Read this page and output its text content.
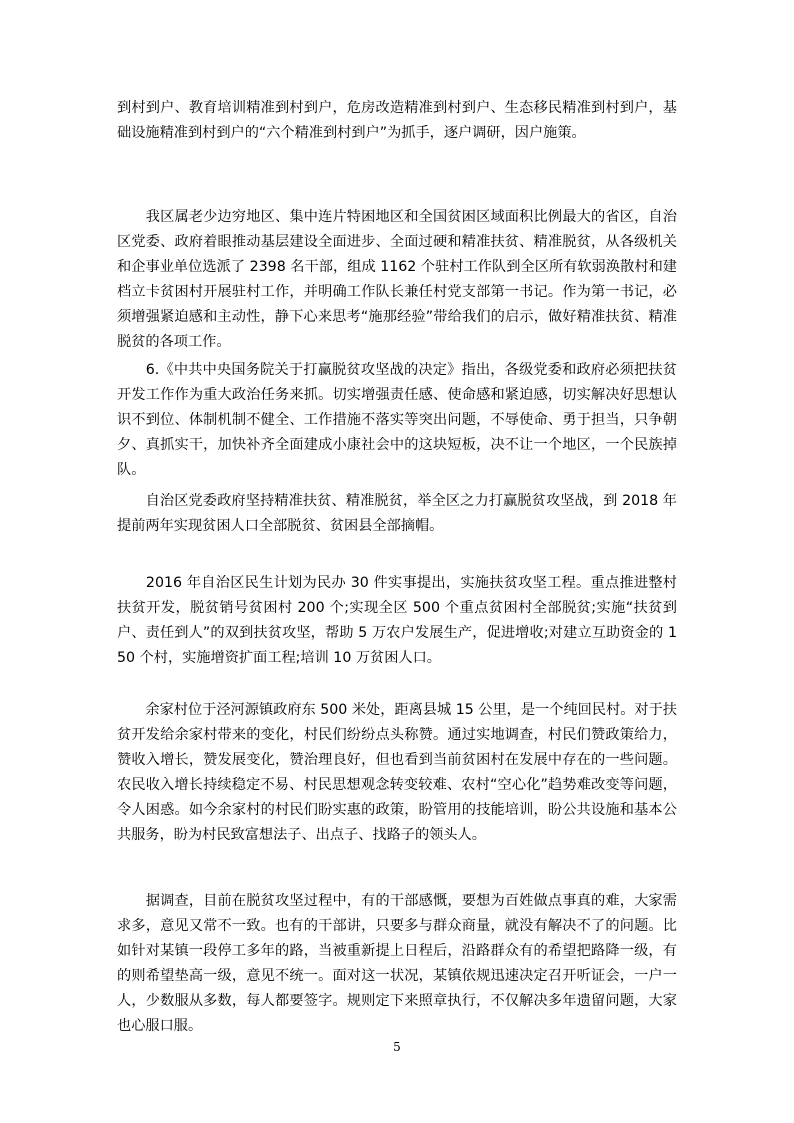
到村到户、教育培训精准到村到户，危房改造精准到村到户、生态移民精准到村到户，基础设施精准到村到户的“六个精准到村到户”为抓手，逐户调研，因户施策。

　　我区属老少边穷地区、集中连片特困地区和全国贫困区域面积比例最大的省区，自治区党委、政府着眼推动基层建设全面进步、全面过硬和精准扶贫、精准脱贫，从各级机关和企事业单位选派了 2398 名干部，组成 1162 个驻村工作队到全区所有软弱涣散村和建档立卡贫困村开展驻村工作，并明确工作队长兼任村党支部第一书记。作为第一书记，必须增强紧迫感和主动性，静下心来思考“施那经验”带给我们的启示，做好精准扶贫、精准脱贫的各项工作。

　　6.《中共中央国务院关于打赢脱贫攻坚战的决定》指出，各级党委和政府必须把扶贫开发工作作为重大政治任务来抓。切实增强责任感、使命感和紧迫感，切实解决好思想认识不到位、体制机制不健全、工作措施不落实等突出问题，不辱使命、勇于担当，只争朝夕、真抓实干，加快补齐全面建成小康社会中的这块短板，决不让一个地区，一个民族掉队。

　　自治区党委政府坚持精准扶贫、精准脱贫，举全区之力打赢脱贫攻坚战，到 2018 年提前两年实现贫困人口全部脱贫、贫困县全部摘帽。

　　2016 年自治区民生计划为民办 30 件实事提出，实施扶贫攻坚工程。重点推进整村扶贫开发，脱贫销号贫困村 200 个;实现全区 500 个重点贫困村全部脱贫;实施“扶贫到户、责任到人”的双到扶贫攻坚，帮助 5 万农户发展生产，促进增收;对建立互助资金的 150 个村，实施增资扩面工程;培训 10 万贫困人口。

　　余家村位于泾河源镇政府东 500 米处，距离县城 15 公里，是一个纯回民村。对于扶贫开发给余家村带来的变化，村民们纷纷点头称赞。通过实地调查，村民们赞政策给力，赞收入增长，赞发展变化，赞治理良好，但也看到当前贫困村在发展中存在的一些问题。农民收入增长持续稳定不易、村民思想观念转变较难、农村“空心化”趋势难改变等问题，令人困惑。如今余家村的村民们盼实惠的政策，盼管用的技能培训，盼公共设施和基本公共服务，盼为村民致富想法子、出点子、找路子的领头人。

　　据调查，目前在脱贫攻坚过程中，有的干部感慨，要想为百姓做点事真的难，大家需求多，意见又常不一致。也有的干部讲，只要多与群众商量，就没有解决不了的问题。比如针对某镇一段停工多年的路，当被重新提上日程后，沿路群众有的希望把路降一级，有的则希望垫高一级，意见不统一。面对这一状况，某镇依规迅速决定召开听证会，一户一人，少数服从多数，每人都要签字。规则定下来照章执行，不仅解决多年遗留问题，大家也心服口服。

5
